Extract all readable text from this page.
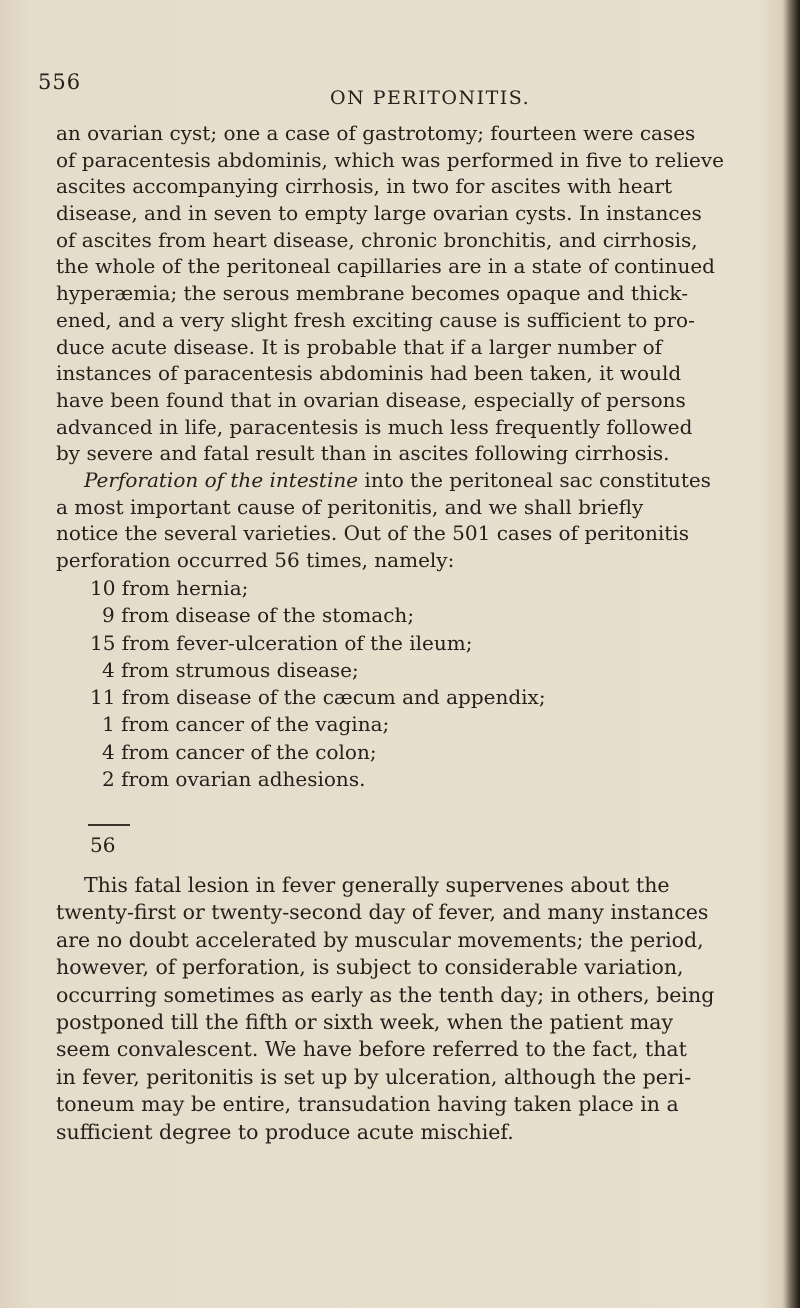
556
ON PERITONITIS.
an ovarian cyst; one a case of gastrotomy; fourteen were cases
of paracentesis abdominis, which was performed in five to relieve
ascites accompanying cirrhosis, in two for ascites with heart
disease, and in seven to empty large ovarian cysts. In instances
of ascites from heart disease, chronic bronchitis, and cirrhosis,
the whole of the peritoneal capillaries are in a state of continued
hyperæmia; the serous membrane becomes opaque and thick-
ened, and a very slight fresh exciting cause is sufficient to pro-
duce acute disease. It is probable that if a larger number of
instances of paracentesis abdominis had been taken, it would
have been found that in ovarian disease, especially of persons
advanced in life, paracentesis is much less frequently followed
by severe and fatal result than in ascites following cirrhosis.
Perforation of the intestine into the peritoneal sac constitutes
a most important cause of peritonitis, and we shall briefly
notice the several varieties. Out of the 501 cases of peritonitis
perforation occurred 56 times, namely:
10 from hernia;
9 from disease of the stomach;
15 from fever-ulceration of the ileum;
4 from strumous disease;
11 from disease of the cæcum and appendix;
1 from cancer of the vagina;
4 from cancer of the colon;
2 from ovarian adhesions.
56
This fatal lesion in fever generally supervenes about the
twenty-first or twenty-second day of fever, and many instances
are no doubt accelerated by muscular movements; the period,
however, of perforation, is subject to considerable variation,
occurring sometimes as early as the tenth day; in others, being
postponed till the fifth or sixth week, when the patient may
seem convalescent. We have before referred to the fact, that
in fever, peritonitis is set up by ulceration, although the peri-
toneum may be entire, transudation having taken place in a
sufficient degree to produce acute mischief.
